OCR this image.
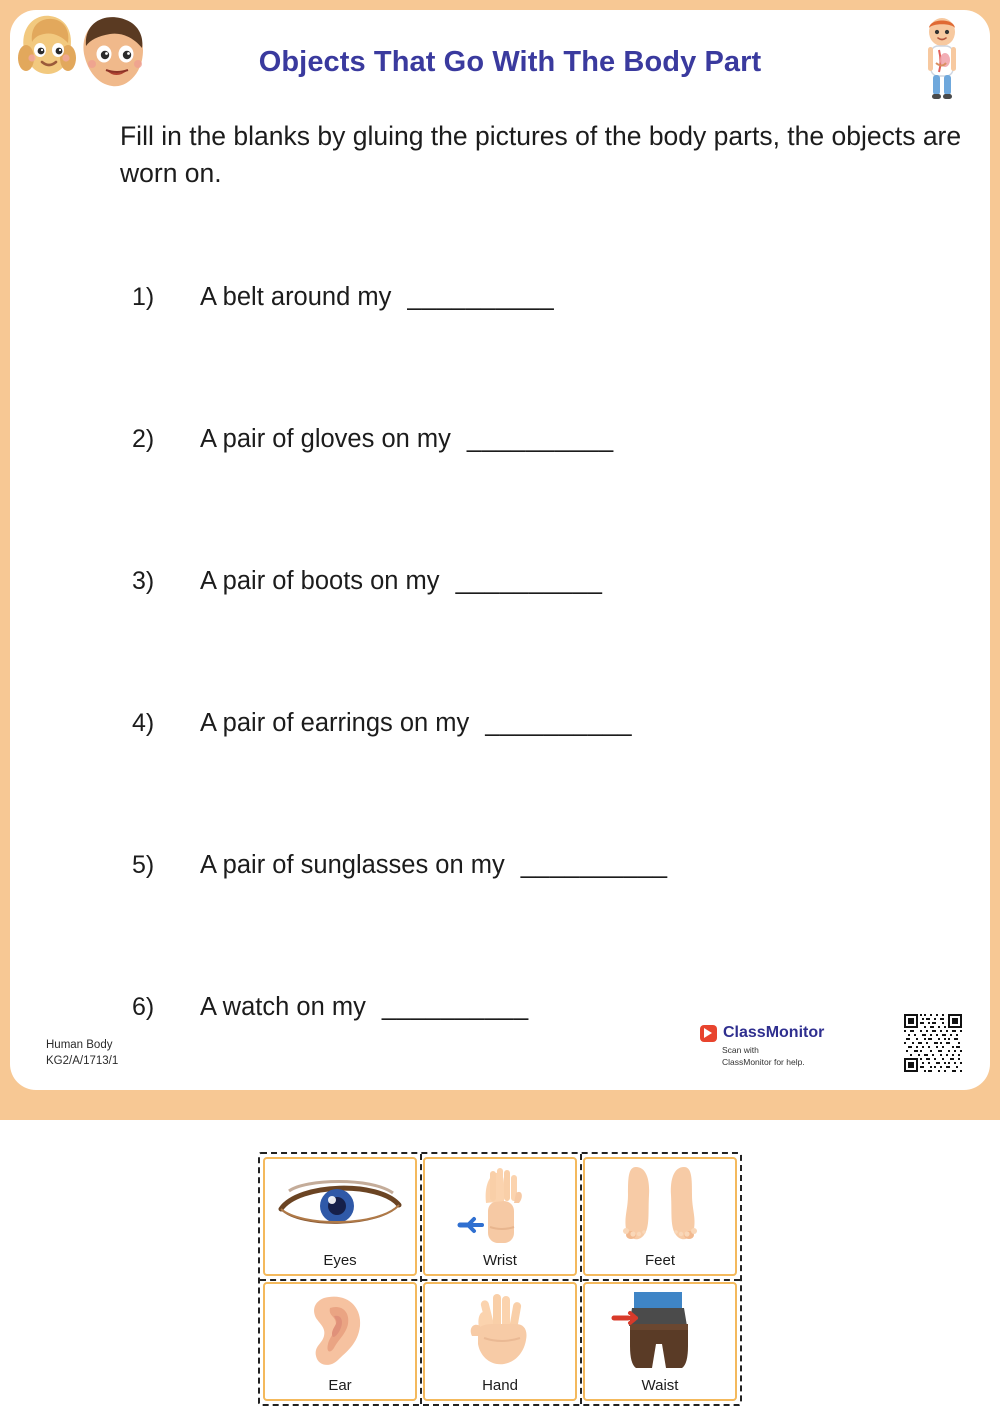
Objects That Go With The Body Part
Fill in the blanks by gluing the pictures of the body parts, the objects are worn on.
1)	A belt around my __________
2)	A pair of gloves on my __________
3)	A pair of boots on my __________
4)	A pair of earrings on my __________
5)	A pair of sunglasses on my __________
6)	A watch on my __________
Human Body
KG2/A/1713/1
ClassMonitor
Scan with
ClassMonitor for help.
Eyes	Wrist	Feet
Ear	Hand	Waist
